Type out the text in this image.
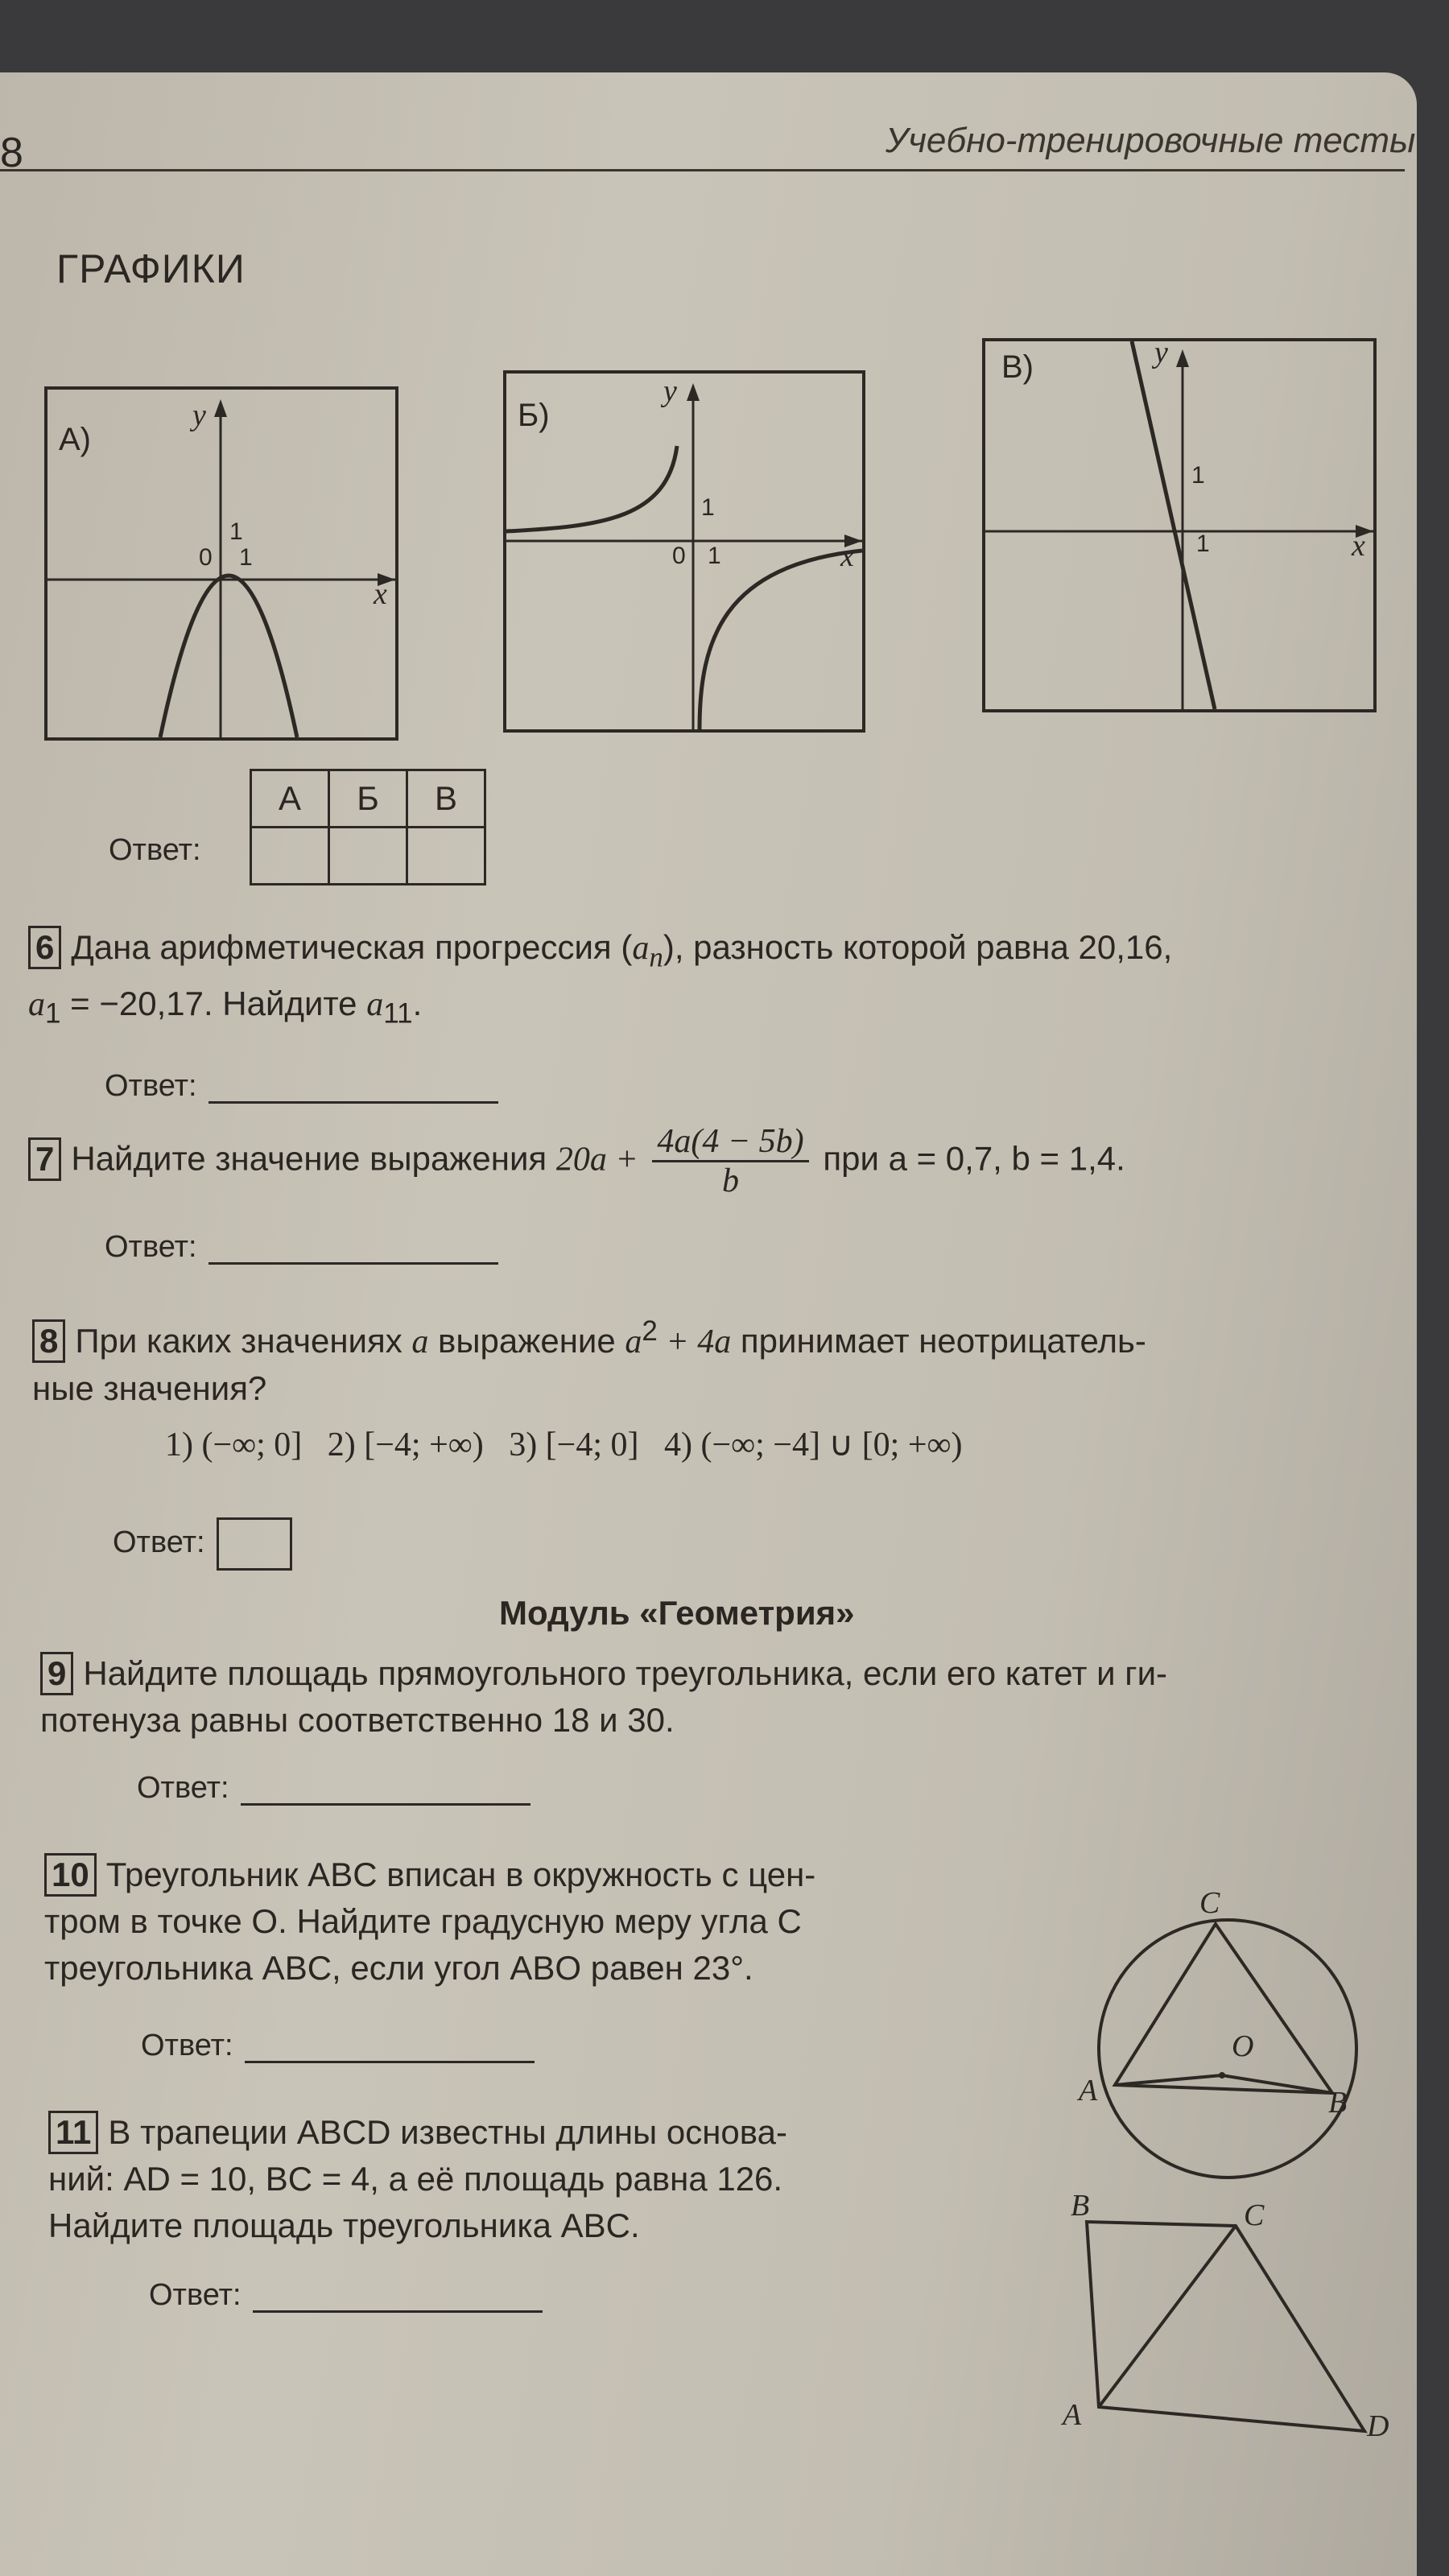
Учебно-тренировочные тесты
8
ГРАФИКИ
А)
y
x
0 1
1
Б)
y
x
0 1
1
В)	y
x
1
1
Ответ:
А	Б	В

6 Дана арифметическая прогрессия $(a_n)$, разность которой равна 20,16,
$a_1 = -20,17$. Найдите $a_{11}$.
Ответ:
7 Найдите значение выражения $20a + \frac{4a(4 - 5b)}{b}$ при a = 0,7, b = 1,4.
Ответ:
8 При каких значениях a выражение $a^2 + 4a$ принимает неотрицатель-
ные значения?
1) (−∞; 0]   2) [−4; +∞)   3) [−4; 0]   4) (−∞; −4] ∪ [0; +∞)
Ответ:
Модуль «Геометрия»
9 Найдите площадь прямоугольного треугольника, если его катет и ги-
потенуза равны соответственно 18 и 30.
Ответ:
10 Треугольник ABC вписан в окружность с цен-
тром в точке O. Найдите градусную меру угла C
треугольника ABC, если угол ABO равен 23°.
Ответ:
C
O
A	B
11 В трапеции ABCD известны длины основа-
ний: AD = 10, BC = 4, а её площадь равна 126.
Найдите площадь треугольника ABC.
Ответ:
B	C
A	D
